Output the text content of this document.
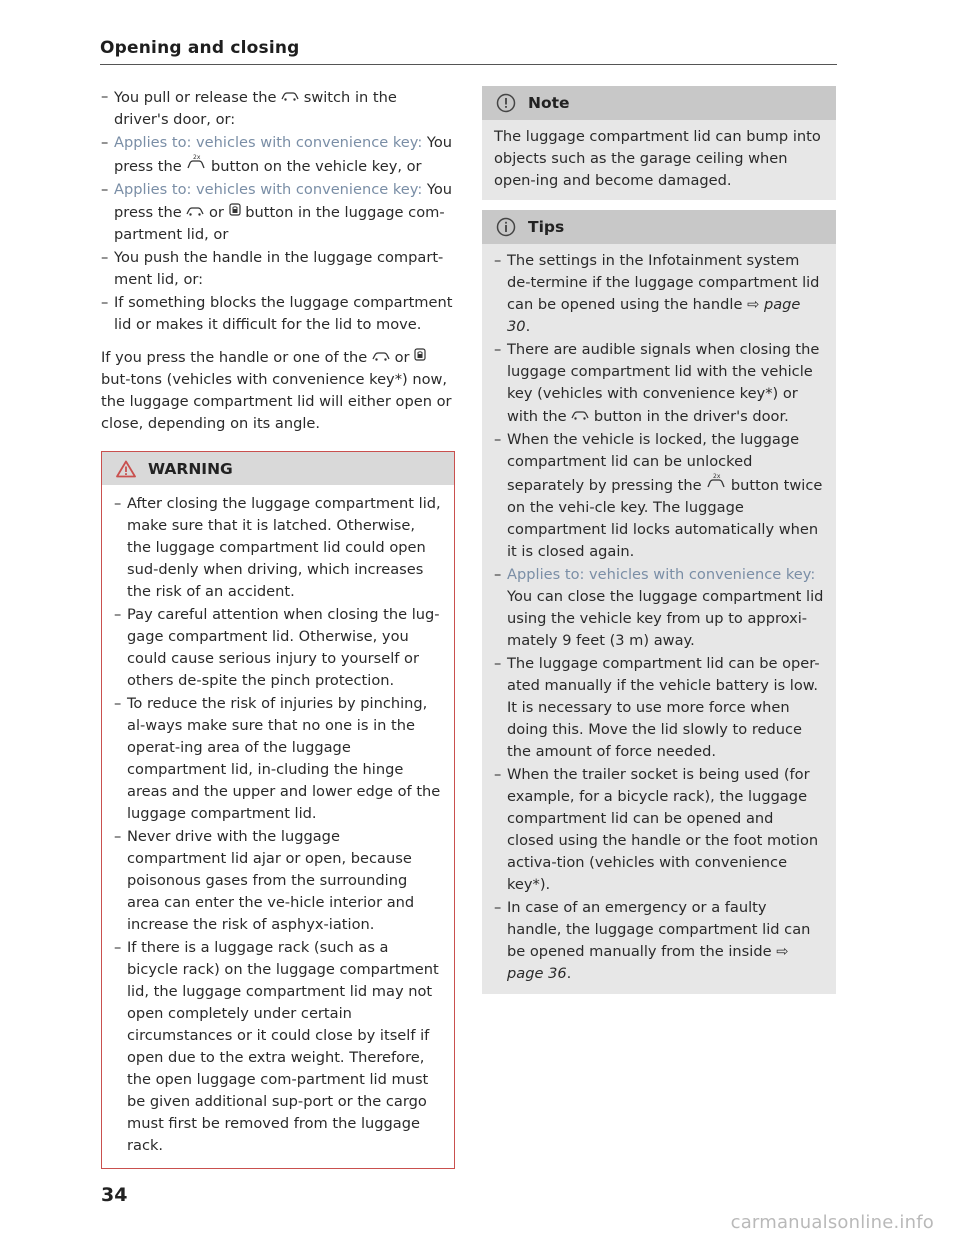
Opening and closing
– You pull or release the  switch in the driver's door, or:
– Applies to: vehicles with convenience key: You press the
2x
button on the vehicle key, or
– Applies to: vehicles with convenience key: You press the  or  button in the luggage com-partment lid, or
– You push the handle in the luggage compart-ment lid, or:
– If something blocks the luggage compartment lid or makes it difficult for the lid to move.

If you press the handle or one of the  or  but-tons (vehicles with convenience key*) now, the luggage compartment lid will either open or close, depending on its angle.

WARNING
– After closing the luggage compartment lid, make sure that it is latched. Otherwise, the luggage compartment lid could open sud-denly when driving, which increases the risk of an accident.
– Pay careful attention when closing the lug-gage compartment lid. Otherwise, you could cause serious injury to yourself or others de-spite the pinch protection.
– To reduce the risk of injuries by pinching, al-ways make sure that no one is in the operat-ing area of the luggage compartment lid, in-cluding the hinge areas and the upper and lower edge of the luggage compartment lid.
– Never drive with the luggage compartment lid ajar or open, because poisonous gases from the surrounding area can enter the ve-hicle interior and increase the risk of asphyx-iation.
– If there is a luggage rack (such as a bicycle rack) on the luggage compartment lid, the luggage compartment lid may not open completely under certain circumstances or it could close by itself if open due to the extra weight. Therefore, the open luggage com-partment lid must be given additional sup-port or the cargo must first be removed from the luggage rack.
Note
The luggage compartment lid can bump into objects such as the garage ceiling when open-ing and become damaged.
Tips
– The settings in the Infotainment system de-termine if the luggage compartment lid can be opened using the handle ⇨ page 30.
– There are audible signals when closing the luggage compartment lid with the vehicle key (vehicles with convenience key*) or with the  button in the driver's door.
– When the vehicle is locked, the luggage compartment lid can be unlocked separately by pressing the
2x
button twice on the vehi-cle key. The luggage compartment lid locks automatically when it is closed again.
– Applies to: vehicles with convenience key: You can close the luggage compartment lid using the vehicle key from up to approxi-mately 9 feet (3 m) away.
– The luggage compartment lid can be oper-ated manually if the vehicle battery is low. It is necessary to use more force when doing this. Move the lid slowly to reduce the amount of force needed.
– When the trailer socket is being used (for example, for a bicycle rack), the luggage compartment lid can be opened and closed using the handle or the foot motion activa-tion (vehicles with convenience key*).
– In case of an emergency or a faulty handle, the luggage compartment lid can be opened manually from the inside ⇨ page 36.
34
carmanualsonline.info
